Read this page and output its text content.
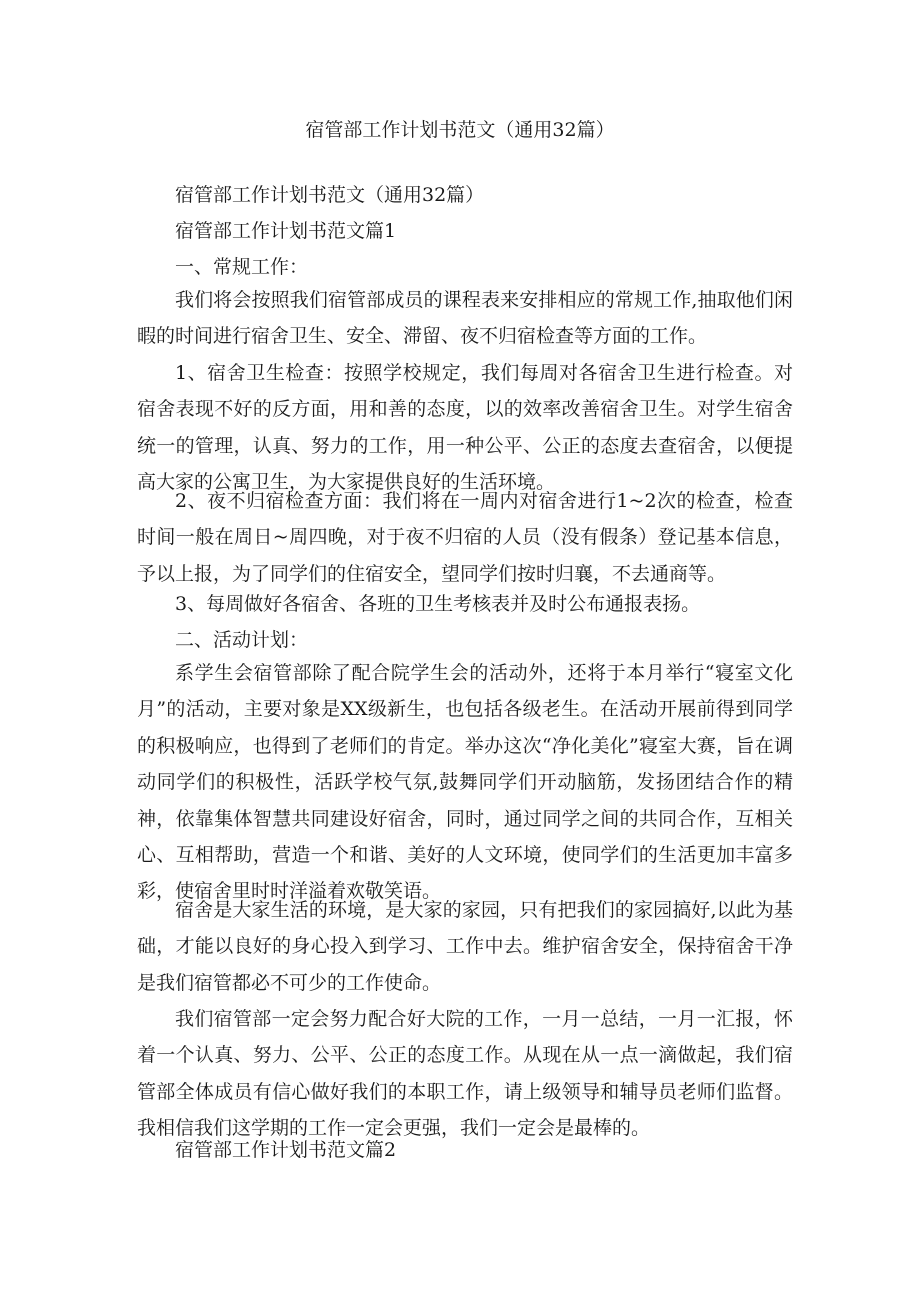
宿管部工作计划书范文（通用32篇）
宿管部工作计划书范文（通用32篇）
宿管部工作计划书范文篇1
一、常规工作：
我们将会按照我们宿管部成员的课程表来安排相应的常规工作,抽取他们闲暇的时间进行宿舍卫生、安全、滞留、夜不归宿检查等方面的工作。
1、宿舍卫生检查：按照学校规定，我们每周对各宿舍卫生进行检查。对宿舍表现不好的反方面，用和善的态度，以的效率改善宿舍卫生。对学生宿舍统一的管理，认真、努力的工作，用一种公平、公正的态度去查宿舍，以便提高大家的公寓卫生，为大家提供良好的生活环境。
2、夜不归宿检查方面：我们将在一周内对宿舍进行1~2次的检查，检查时间一般在周日~周四晚，对于夜不归宿的人员（没有假条）登记基本信息，予以上报，为了同学们的住宿安全，望同学们按时归襄，不去通商等。
3、每周做好各宿舍、各班的卫生考核表并及时公布通报表扬。
二、活动计划：
系学生会宿管部除了配合院学生会的活动外，还将于本月举行“寝室文化月”的活动，主要对象是XX级新生，也包括各级老生。在活动开展前得到同学的积极响应，也得到了老师们的肯定。举办这次“净化美化”寝室大赛，旨在调动同学们的积极性，活跃学校气氛,鼓舞同学们开动脑筋，发扬团结合作的精神，依靠集体智慧共同建设好宿舍，同时，通过同学之间的共同合作，互相关心、互相帮助，营造一个和谐、美好的人文环境，使同学们的生活更加丰富多彩，使宿舍里时时洋溢着欢敬笑语。
宿舍是大家生活的环境，是大家的家园，只有把我们的家园搞好,以此为基础，才能以良好的身心投入到学习、工作中去。维护宿舍安全，保持宿舍干净是我们宿管都必不可少的工作使命。
我们宿管部一定会努力配合好大院的工作，一月一总结，一月一汇报，怀着一个认真、努力、公平、公正的态度工作。从现在从一点一滴做起，我们宿管部全体成员有信心做好我们的本职工作，请上级领导和辅导员老师们监督。我相信我们这学期的工作一定会更强，我们一定会是最棒的。
宿管部工作计划书范文篇2
